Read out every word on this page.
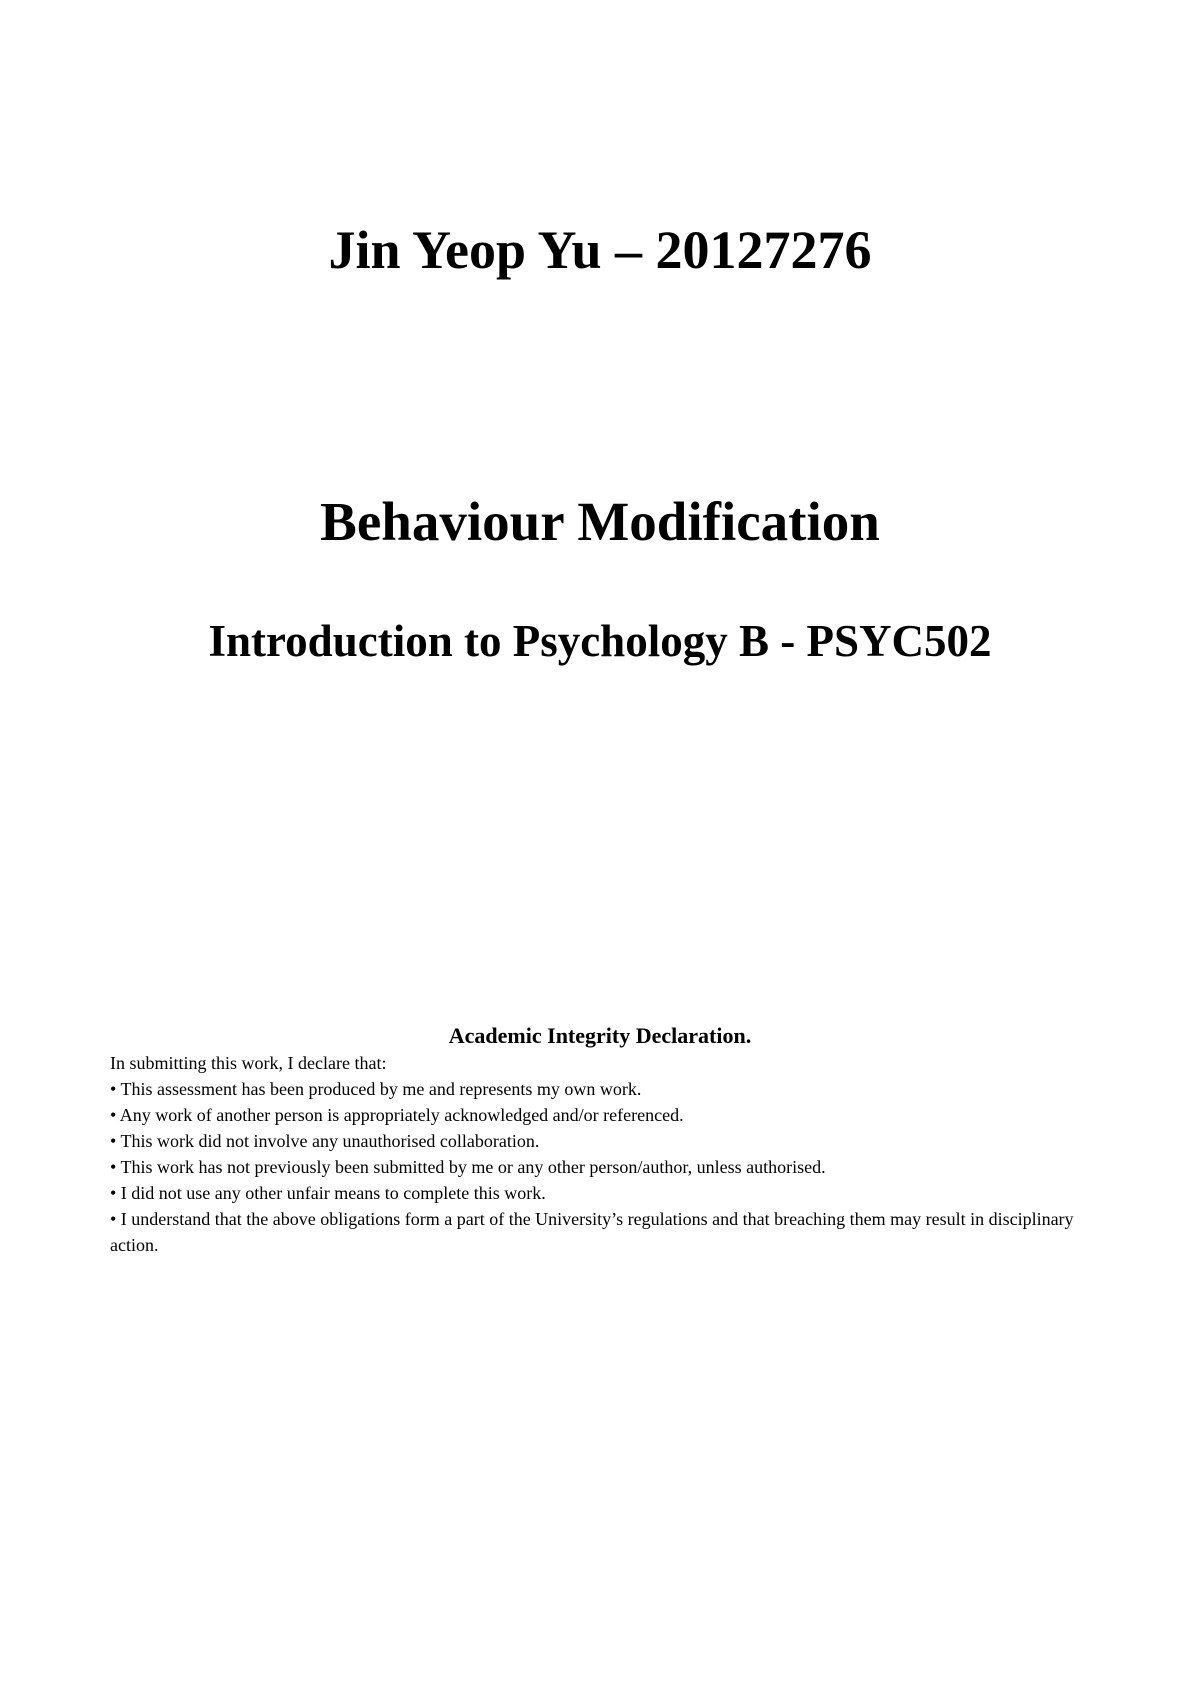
Jin Yeop Yu – 20127276
Behaviour Modification
Introduction to Psychology B - PSYC502
Academic Integrity Declaration.
In submitting this work, I declare that:
• This assessment has been produced by me and represents my own work.
• Any work of another person is appropriately acknowledged and/or referenced.
• This work did not involve any unauthorised collaboration.
• This work has not previously been submitted by me or any other person/author, unless authorised.
• I did not use any other unfair means to complete this work.
• I understand that the above obligations form a part of the University’s regulations and that breaching them may result in disciplinary action.
